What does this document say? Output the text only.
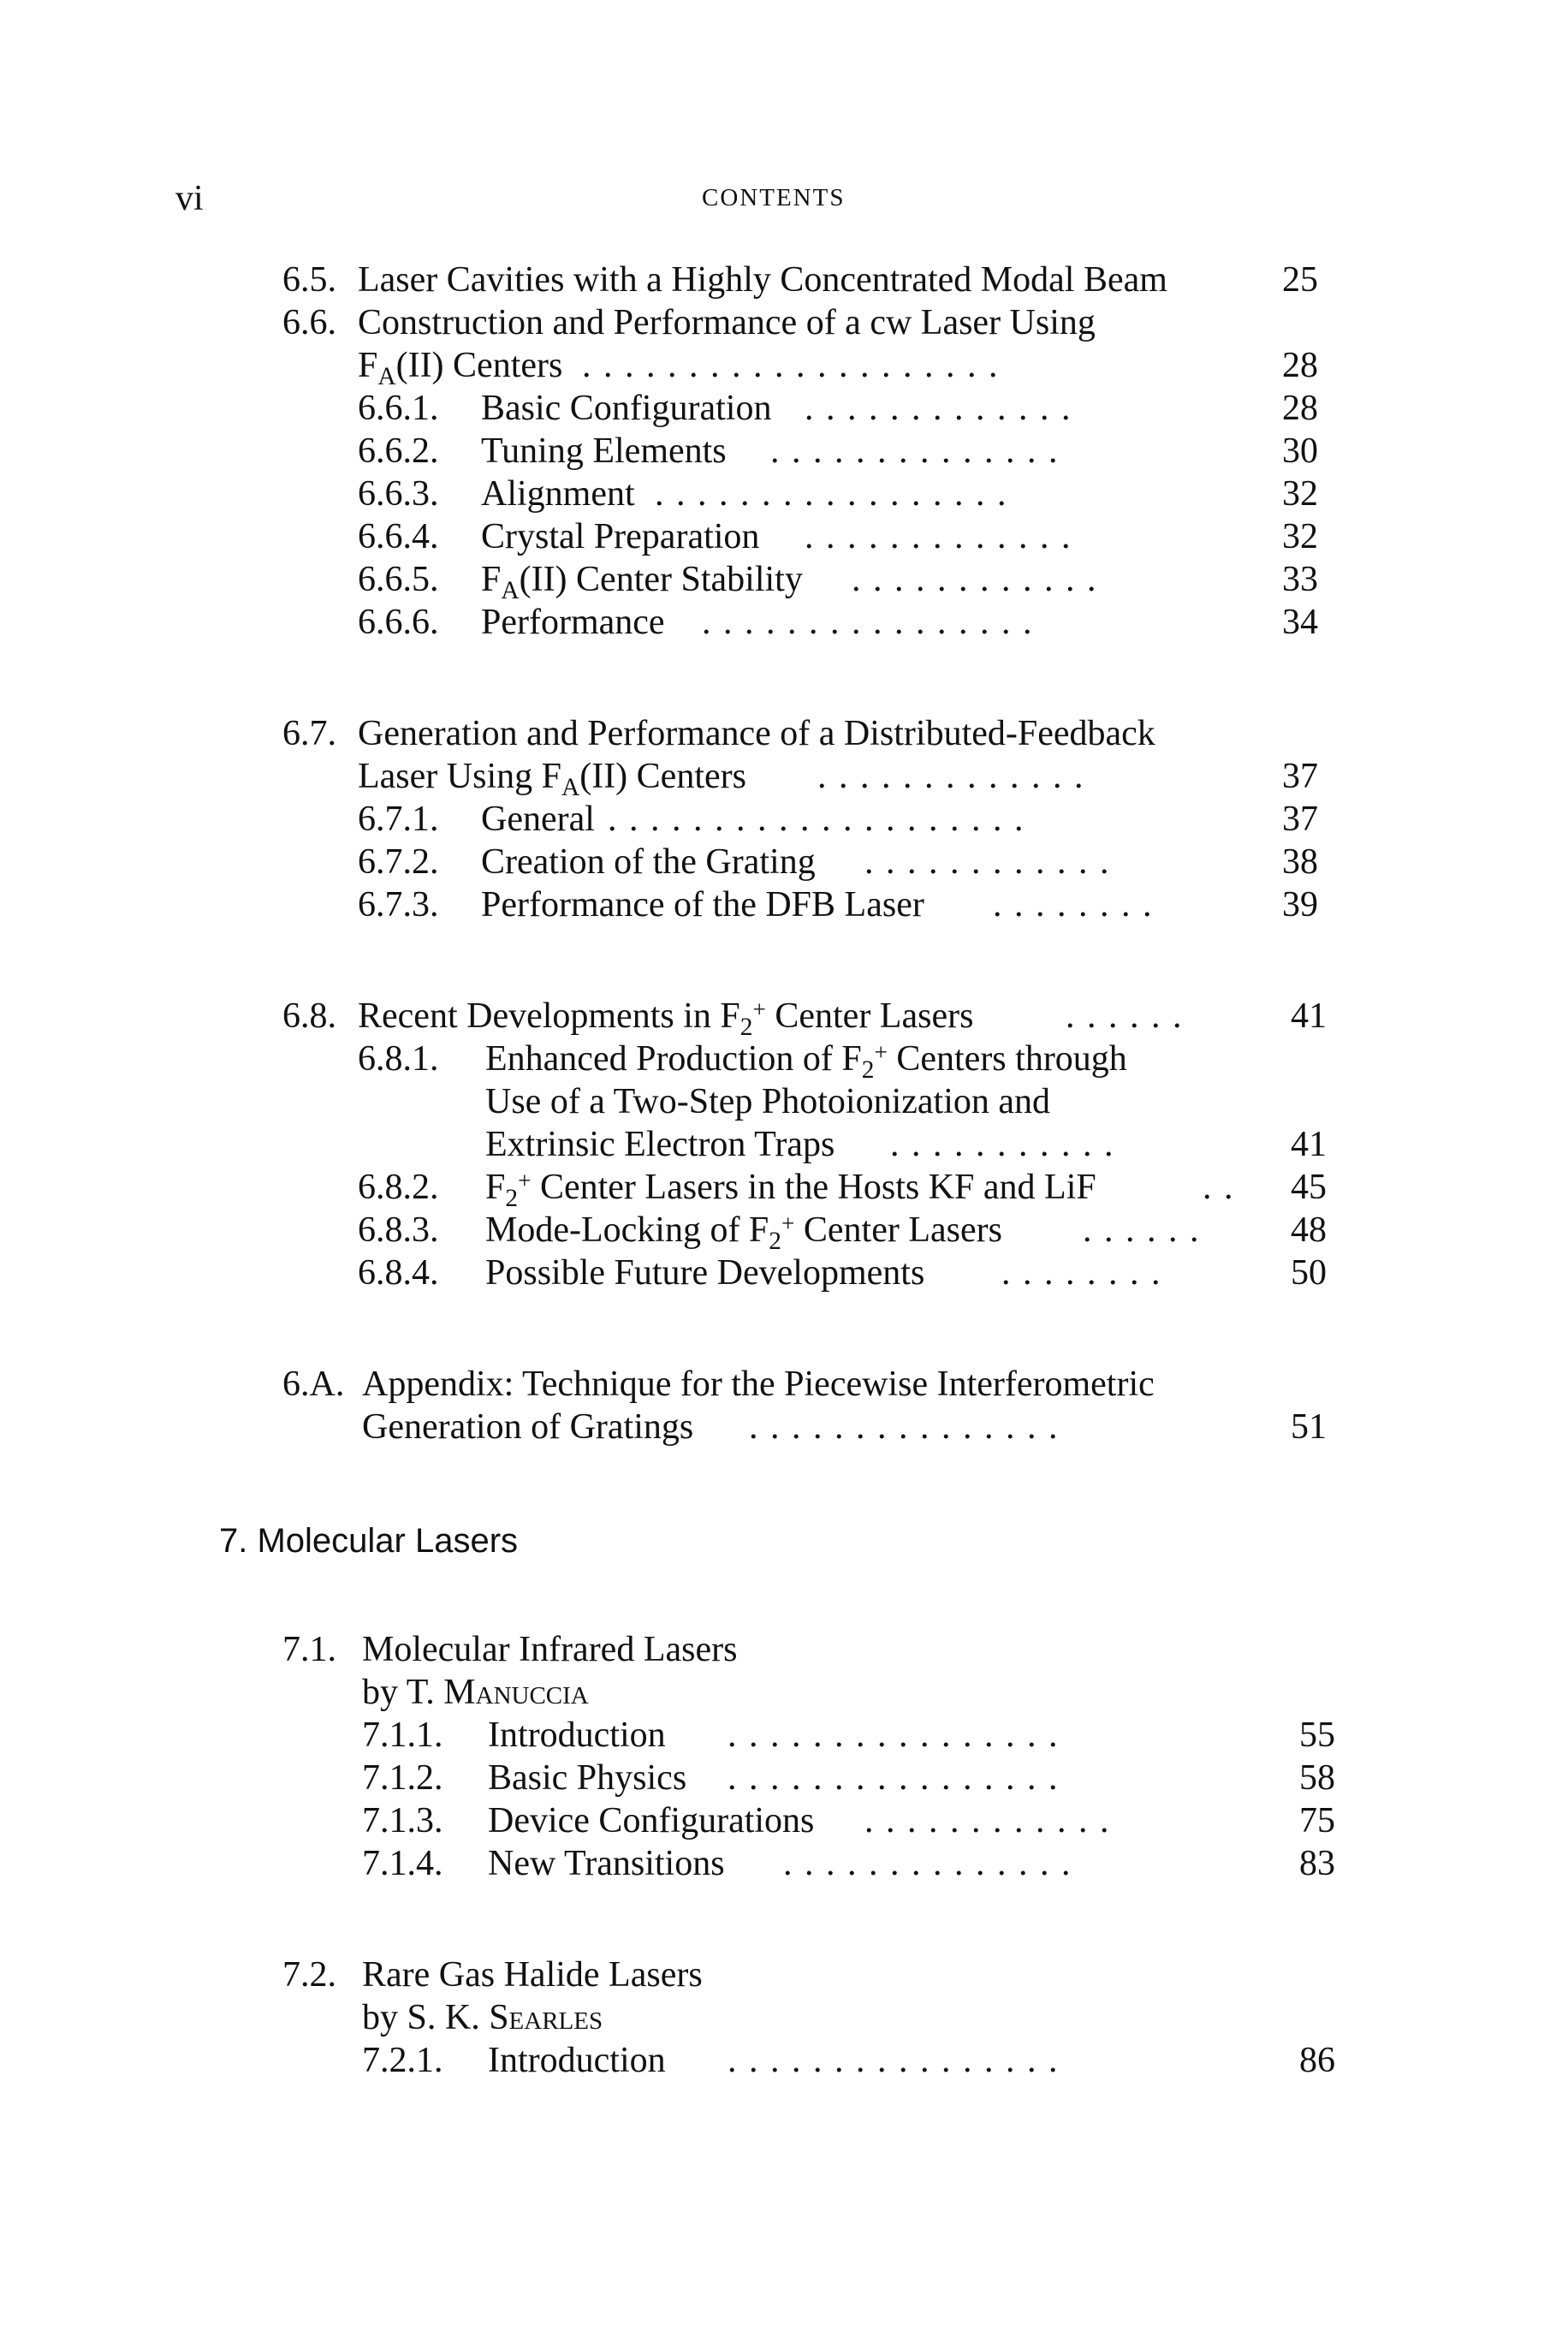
vi	CONTENTS
6.5. Laser Cavities with a Highly Concentrated Modal Beam	25
6.6. Construction and Performance of a cw Laser Using
$F_A(II)$ Centers . . . . . . . . . . . . . . . . . . . .	28
6.6.1. Basic Configuration . . . . . . . . . . . . .	28
6.6.2. Tuning Elements . . . . . . . . . . . . . .	30
6.6.3. Alignment . . . . . . . . . . . . . . . . .	32
6.6.4. Crystal Preparation . . . . . . . . . . . . .	32
6.6.5. $F_A(II)$ Center Stability . . . . . . . . . . . .	33
6.6.6. Performance . . . . . . . . . . . . . . . .	34
6.7. Generation and Performance of a Distributed-Feedback
Laser Using $F_A(II)$ Centers . . . . . . . . . . . . .	37
6.7.1. General . . . . . . . . . . . . . . . . . . . .	37
6.7.2. Creation of the Grating . . . . . . . . . . . .	38
6.7.3. Performance of the DFB Laser . . . . . . . .	39
6.8. Recent Developments in $F_2^+$ Center Lasers	. . . . . .	41
6.8.1. Enhanced Production of $F_2^+$ Centers through
Use of a Two-Step Photoionization and
Extrinsic Electron Traps . . . . . . . . . . .	41
6.8.2. $F_2^+$ Center Lasers in the Hosts KF and LiF	. .	45
6.8.3. Mode-Locking of $F_2^+$ Center Lasers . . . . . .	48
6.8.4. Possible Future Developments . . . . . . . .	50
6.A. Appendix: Technique for the Piecewise Interferometric
Generation of Gratings . . . . . . . . . . . . . . .	51
7. Molecular Lasers
7.1. Molecular Infrared Lasers
by T. Manuccia
7.1.1. Introduction . . . . . . . . . . . . . . . .	55
7.1.2. Basic Physics . . . . . . . . . . . . . . . .	58
7.1.3. Device Configurations . . . . . . . . . . . .	75
7.1.4. New Transitions . . . . . . . . . . . . . .	83
7.2. Rare Gas Halide Lasers
by S. K. Searles
7.2.1. Introduction . . . . . . . . . . . . . . . .	86
